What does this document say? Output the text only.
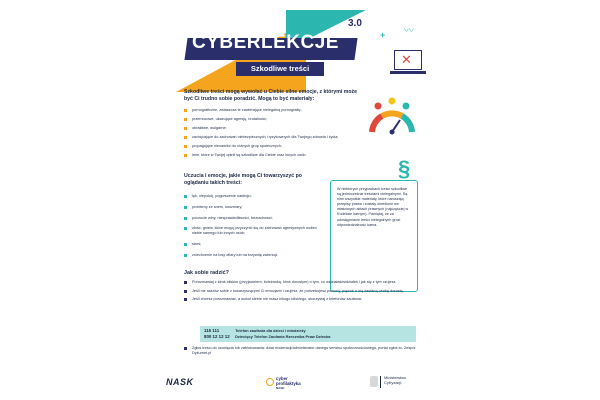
CYBERLEKCJE
3.0
Szkodliwe treści
+ 〰
✕
Szkodliwe treści mogą wywołać u Ciebie silne emocje, z którymi może być Ci trudno sobie poradzić. Mogą to być materiały:
pornograficzne, zwłaszcza te zawierające nielegalną pornografię;
przemocowe, ukazujące agresję, brutalność;
obraźliwe, wulgarne;
zachęcające do zachowań niebezpiecznych i ryzykownych dla Twojego zdrowia i życia;
propagujące nienawiść do różnych grup społecznych;
inne, które w Twojej opinii są szkodliwe dla Ciebie oraz innych osób.
Uczucia i emocje, jakie mogą Ci towarzyszyć po oglądaniu takich treści:
lęk, niepokój, pogorszenie nastroju;
problemy ze snem, koszmary;
poczucie winy, niesprawiedliwości, bezradności;
złość, gniew, które mogą przyczynić się do zachowań agresywnych wobec siebie samego lub innych osób;
stres;
zniechcenie na losy ofiary lub na krzywdę zwierząt.
§
W niektórych przypadkach treści szkodliwe są jednocześnie treściami nielegalnymi. Są nimi wszystkie materiały, które naruszają przepisy prawa i zostały określone we właściwych aktach prawnych (najczęściej w Kodeksie karnym). Pamiętaj, że za udostępnianie treści nielegalnych grozi odpowiedzialność karna.
Jak sobie radzić?
Porozmawiaj z kimś bliskim (przyjacielem, koleżanką, kimś dorosłym) o tym, co widziałaś/widziałeś i jak się z tym czujesz.
Jeśli nie radzisz sobie z towarzyszącymi Ci emocjami i czujesz, że potrzebujesz pomocy, poproś o nią zaufaną osobę dorosłą.
Jeśli chcesz porozmawiać, a wokół siebie nie masz nikogo bliskiego, skorzystaj z telefonów zaufania:
116 111	Telefon zaufania dla dzieci i młodzieży
800 12 12 12 Dziecięcy Telefon Zaufania Rzecznika Praw Dziecka
Zgłoś treści do usunięcia lub zablokowania: dział moderacji/administrator danego serwisu społecznościowego, portal zgłoś.to, Zespół Dyżurnet.pl
NASK	cyber
profilaktyka
NASK
Ministerstwo
Cyfryzacji
